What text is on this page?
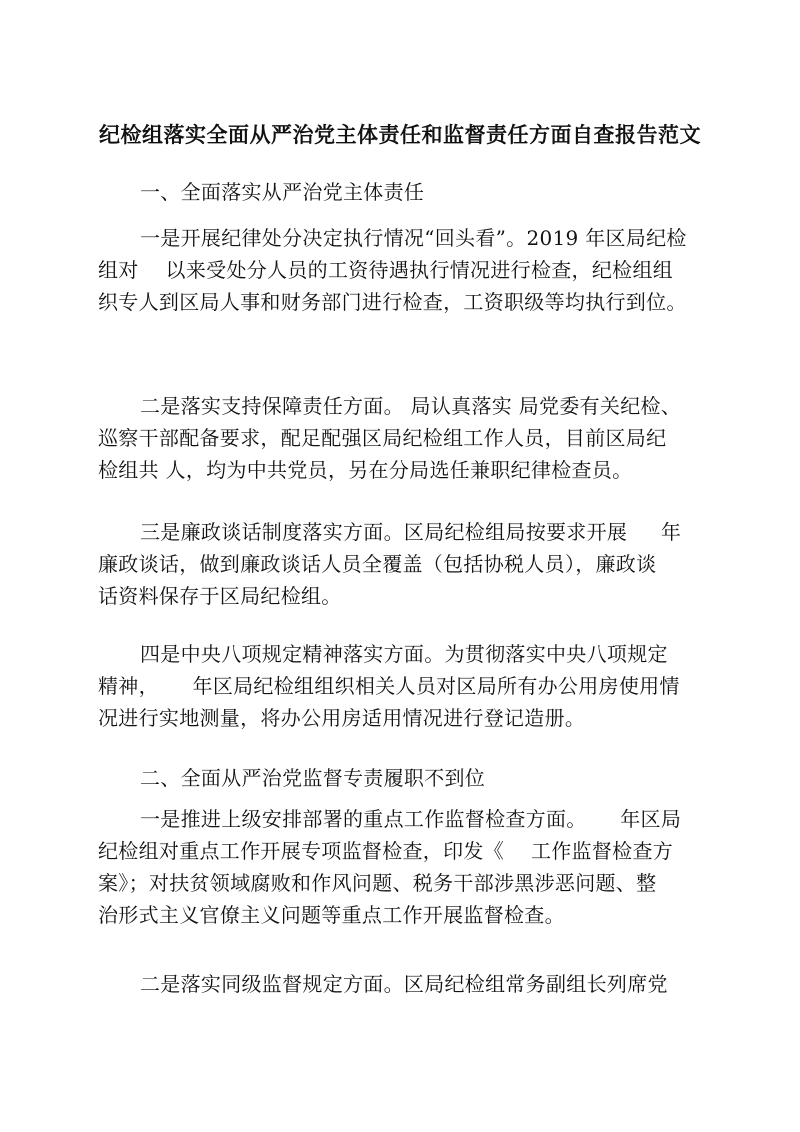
纪检组落实全面从严治党主体责任和监督责任方面自查报告范文
一、全面落实从严治党主体责任
一是开展纪律处分决定执行情况“回头看”。2019 年区局纪检
组对 　以来受处分人员的工资待遇执行情况进行检查，纪检组组
织专人到区局人事和财务部门进行检查，工资职级等均执行到位。
二是落实支持保障责任方面。 局认真落实 局党委有关纪检、
巡察干部配备要求，配足配强区局纪检组工作人员，目前区局纪
检组共 人，均为中共党员，另在分局选任兼职纪律检查员。
三是廉政谈话制度落实方面。区局纪检组局按要求开展 　 年
廉政谈话，做到廉政谈话人员全覆盖（包括协税人员），廉政谈
话资料保存于区局纪检组。
四是中央八项规定精神落实方面。为贯彻落实中央八项规定
精神， 　 年区局纪检组组织相关人员对区局所有办公用房使用情
况进行实地测量，将办公用房适用情况进行登记造册。
二、全面从严治党监督专责履职不到位
一是推进上级安排部署的重点工作监督检查方面。 　 年区局
纪检组对重点工作开展专项监督检查，印发《 　工作监督检查方
案》；对扶贫领域腐败和作风问题、税务干部涉黑涉恶问题、整
治形式主义官僚主义问题等重点工作开展监督检查。
二是落实同级监督规定方面。区局纪检组常务副组长列席党
